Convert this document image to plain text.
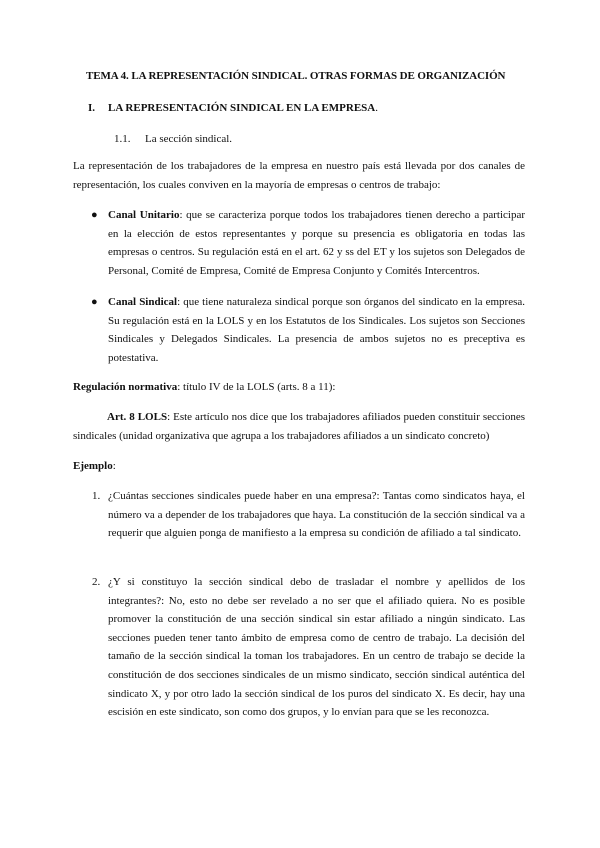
TEMA 4. LA REPRESENTACIÓN SINDICAL. OTRAS FORMAS DE ORGANIZACIÓN
I. LA REPRESENTACIÓN SINDICAL EN LA EMPRESA.
1.1. La sección sindical.
La representación de los trabajadores de la empresa en nuestro país está llevada por dos canales de representación, los cuales conviven en la mayoría de empresas o centros de trabajo:
● Canal Unitario: que se caracteriza porque todos los trabajadores tienen derecho a participar en la elección de estos representantes y porque su presencia es obligatoria en todas las empresas o centros. Su regulación está en el art. 62 y ss del ET y los sujetos son Delegados de Personal, Comité de Empresa, Comité de Empresa Conjunto y Comités Intercentros.
● Canal Sindical: que tiene naturaleza sindical porque son órganos del sindicato en la empresa. Su regulación está en la LOLS y en los Estatutos de los Sindicales. Los sujetos son Secciones Sindicales y Delegados Sindicales. La presencia de ambos sujetos no es preceptiva es potestativa.
Regulación normativa: título IV de la LOLS (arts. 8 a 11):
Art. 8 LOLS: Este artículo nos dice que los trabajadores afiliados pueden constituir secciones sindicales (unidad organizativa que agrupa a los trabajadores afiliados a un sindicato concreto)
Ejemplo:
1. ¿Cuántas secciones sindicales puede haber en una empresa?: Tantas como sindicatos haya, el número va a depender de los trabajadores que haya. La constitución de la sección sindical va a requerir que alguien ponga de manifiesto a la empresa su condición de afiliado a tal sindicato.
2. ¿Y si constituyo la sección sindical debo de trasladar el nombre y apellidos de los integrantes?: No, esto no debe ser revelado a no ser que el afiliado quiera. No es posible promover la constitución de una sección sindical sin estar afiliado a ningún sindicato. Las secciones pueden tener tanto ámbito de empresa como de centro de trabajo. La decisión del tamaño de la sección sindical la toman los trabajadores. En un centro de trabajo se decide la constitución de dos secciones sindicales de un mismo sindicato, sección sindical auténtica del sindicato X, y por otro lado la sección sindical de los puros del sindicato X. Es decir, hay una escisión en este sindicato, son como dos grupos, y lo envían para que se les reconozca.
